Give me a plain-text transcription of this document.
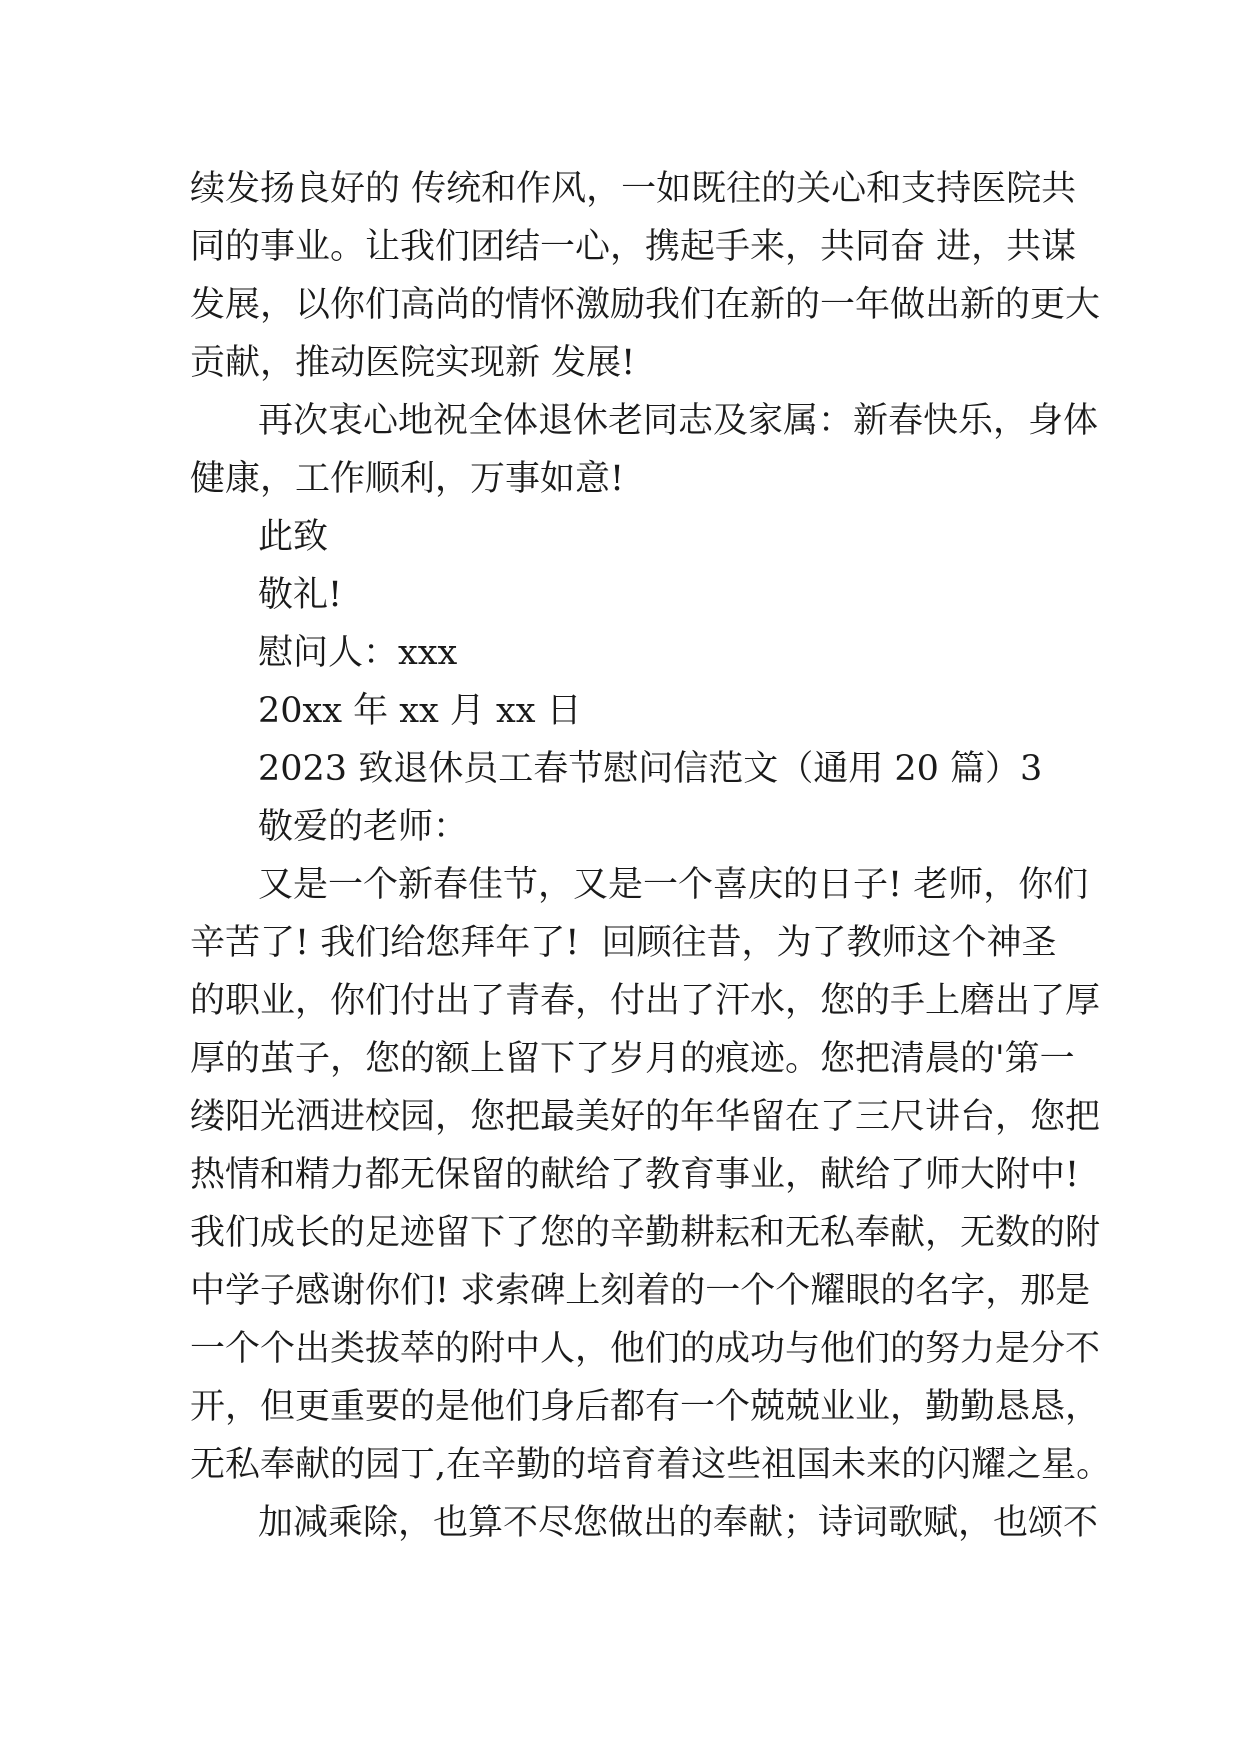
续发扬良好的 传统和作风，一如既往的关心和支持医院共
同的事业。让我们团结一心，携起手来，共同奋 进，共谋
发展，以你们高尚的情怀激励我们在新的一年做出新的更大
贡献，推动医院实现新 发展!
再次衷心地祝全体退休老同志及家属：新春快乐，身体
健康，工作顺利，万事如意!
此致
敬礼!
慰问人：xxx
20xx 年 xx 月 xx 日
2023 致退休员工春节慰问信范文（通用 20 篇）3
敬爱的老师：
又是一个新春佳节，又是一个喜庆的日子! 老师，你们
辛苦了! 我们给您拜年了!  回顾往昔，为了教师这个神圣
的职业，你们付出了青春，付出了汗水，您的手上磨出了厚
厚的茧子，您的额上留下了岁月的痕迹。您把清晨的'第一
缕阳光洒进校园，您把最美好的年华留在了三尺讲台，您把
热情和精力都无保留的献给了教育事业，献给了师大附中!
我们成长的足迹留下了您的辛勤耕耘和无私奉献，无数的附
中学子感谢你们! 求索碑上刻着的一个个耀眼的名字，那是
一个个出类拔萃的附中人，他们的成功与他们的努力是分不
开，但更重要的是他们身后都有一个兢兢业业，勤勤恳恳，
无私奉献的园丁,在辛勤的培育着这些祖国未来的闪耀之星。
加减乘除，也算不尽您做出的奉献；诗词歌赋，也颂不
